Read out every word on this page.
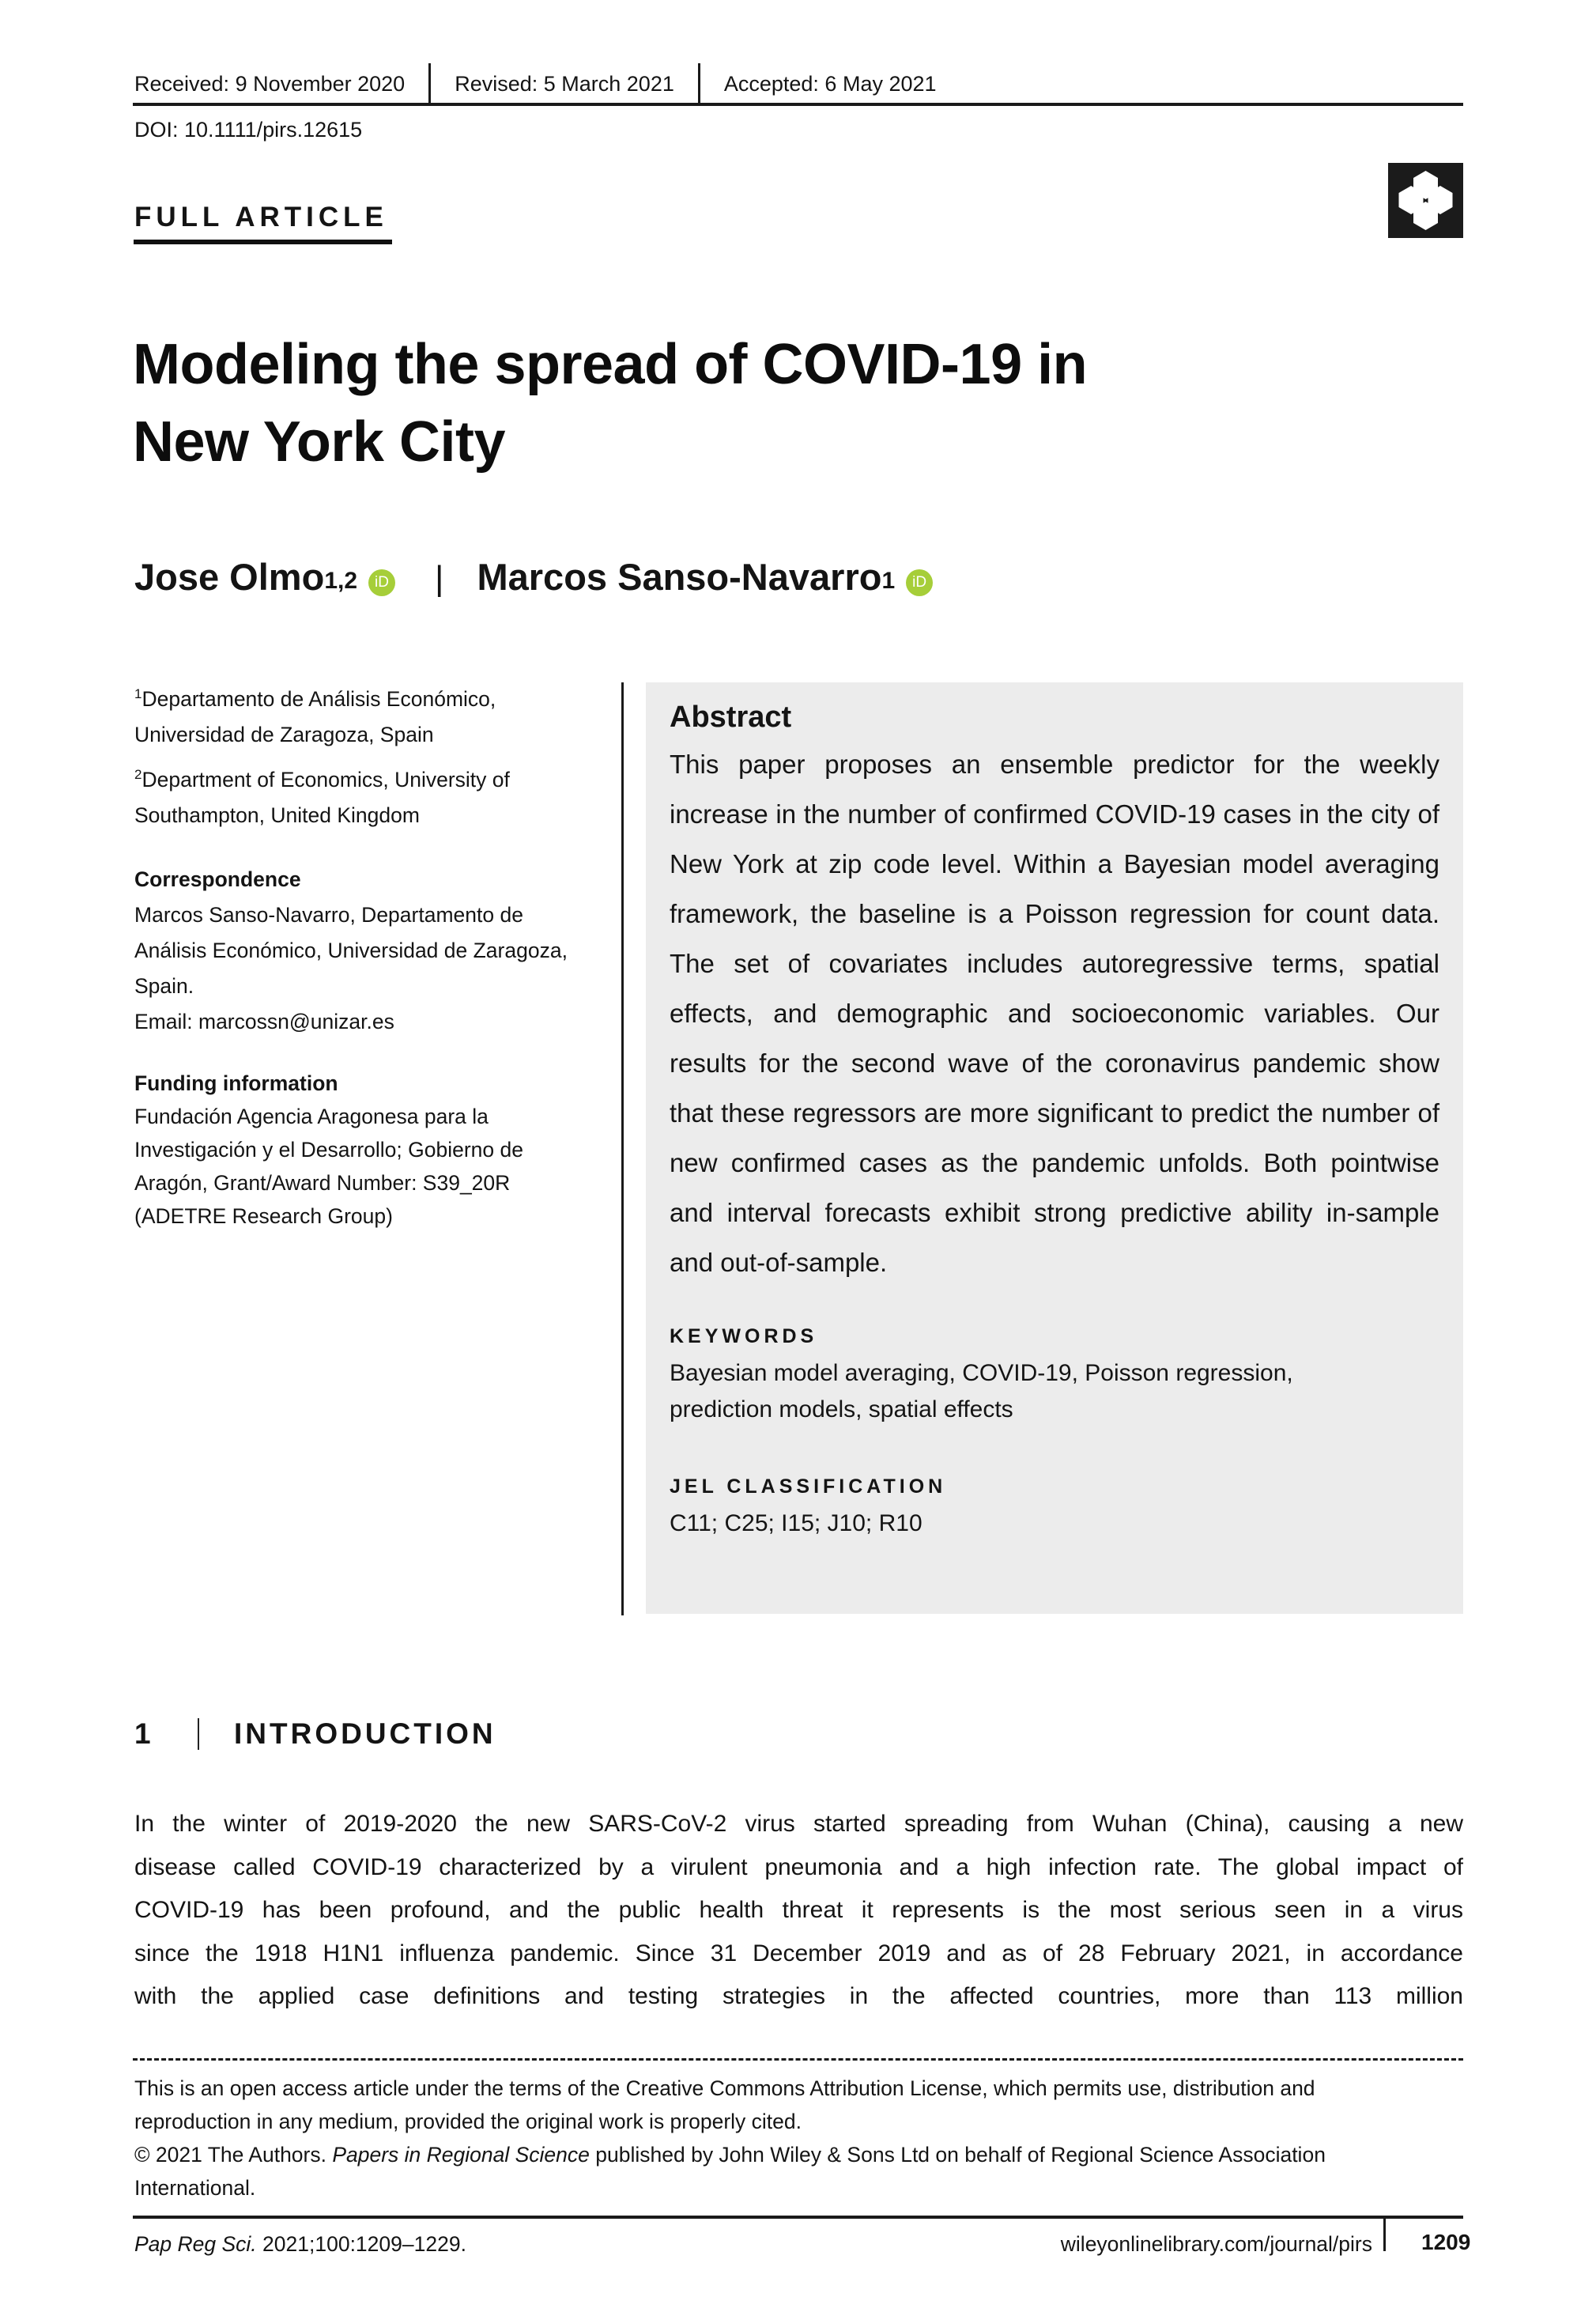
Received: 9 November 2020 Revised: 5 March 2021 Accepted: 6 May 2021
DOI: 10.1111/pirs.12615
FULL ARTICLE
Modeling the spread of COVID-19 in
New York City
Jose Olmo$^{1,2}$	iD | Marcos Sanso-Navarro$^1$	iD

$^1$Departamento de Análisis Económico,
Universidad de Zaragoza, Spain

$^2$Department of Economics, University of
Southampton, United Kingdom

Correspondence

Marcos Sanso-Navarro, Departamento de
Análisis Económico, Universidad de Zaragoza,
Spain.

Email: marcossn@unizar.es

Funding information

Fundación Agencia Aragonesa para la
Investigación y el Desarrollo; Gobierno de
Aragón, Grant/Award Number: S39_20R
(ADETRE Research Group)

Abstract
This paper proposes an ensemble predictor for the weekly increase in the number of confirmed COVID-19 cases in the city of New York at zip code level. Within a Bayesian model averaging framework, the baseline is a Poisson regression for count data. The set of covariates includes autoregressive terms, spatial effects, and demographic and socioeconomic variables. Our results for the second wave of the coronavirus pandemic show that these regressors are more significant to predict the number of new confirmed cases as the pandemic unfolds. Both pointwise and interval forecasts exhibit strong predictive ability in-sample and out-of-sample.
KEYWORDS
Bayesian model averaging, COVID-19, Poisson regression, prediction models, spatial effects
JEL CLASSIFICATION
C11; C25; I15; J10; R10
1	INTRODUCTION
In the winter of 2019-2020 the new SARS-CoV-2 virus started spreading from Wuhan (China), causing a new
disease called COVID-19 characterized by a virulent pneumonia and a high infection rate. The global impact of
COVID-19 has been profound, and the public health threat it represents is the most serious seen in a virus
since the 1918 H1N1 influenza pandemic. Since 31 December 2019 and as of 28 February 2021, in accordance
with the applied case definitions and testing strategies in the affected countries, more than 113 million

This is an open access article under the terms of the Creative Commons Attribution License, which permits use, distribution and

reproduction in any medium, provided the original work is properly cited.

© 2021 The Authors. Papers in Regional Science published by John Wiley & Sons Ltd on behalf of Regional Science Association

International.

Pap Reg Sci. 2021;100:1209–1229.	wileyonlinelibrary.com/journal/pirs 1209
